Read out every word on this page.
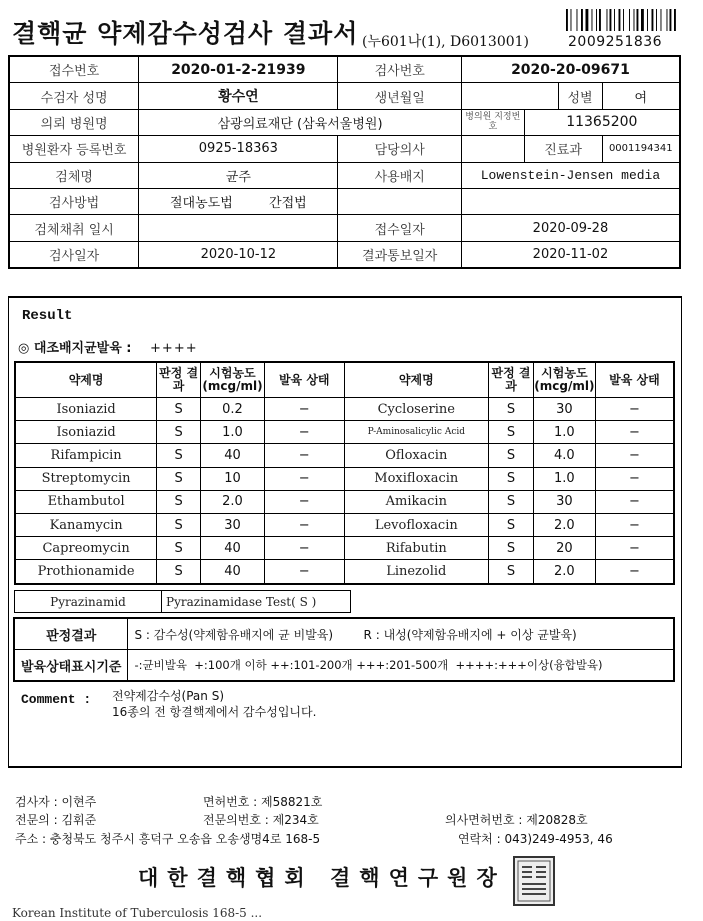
결핵균 약제감수성검사 결과서 (누601나(1), D6013001)	2009251836
접수번호	2020-01-2-21939	검사번호	2020-20-09671			
수검자 성명	황수연	생년월일			성별	여
의뢰 병원명	삼광의료재단 (삼육서울병원)		병의원 지정번호	11365200		
병원환자 등록번호	0925-18363	담당의사		진료과		0001194341
검체명	균주	사용배지	Lowenstein-Jensen media			
검사방법	절대농도법 간접법					
검체채취 일시		접수일자	2020-09-28			
검사일자	2020-10-12	결과통보일자	2020-11-02			
Result
◎ 대조배지균발육 : ++++
약제명	판정 결과	시험농도 (mcg/ml)	발육 상태	약제명	판정 결과	시험농도 (mcg/ml)	발육 상태
Isoniazid	S	0.2	−	Cycloserine	S	30	−
Isoniazid	S	1.0	−	P-Aminosalicylic Acid	S	1.0	−
Rifampicin	S	40	−	Ofloxacin	S	4.0	−
Streptomycin	S	10	−	Moxifloxacin	S	1.0	−
Ethambutol	S	2.0	−	Amikacin	S	30	−
Kanamycin	S	30	−	Levofloxacin	S	2.0	−
Capreomycin	S	40	−	Rifabutin	S	20	−
Prothionamide	S	40	−	Linezolid	S	2.0	−
Pyrazinamid	Pyrazinamidase Test( S )
판정결과	S : 감수성(약제함유배지에 균 비발육)        R : 내성(약제함유배지에 + 이상 균발육)
발육상태표시기준	-:균비발육  +:100개 이하 ++:101-200개 +++:201-500개  ++++:+++이상(융합발육)
Comment : 전약제감수성(Pan S)
16종의 전 항결핵제에서 감수성입니다.
검사자 : 이현주	면허번호 : 제58821호
전문의 : 김휘준	전문의번호 : 제234호	의사면허번호 : 제20828호
주소 : 충청북도 청주시 흥덕구 오송읍 오송생명4로 168-5	연락처 : 043)249-4953, 46
대한결핵협회 결핵연구원장
Korean Institute of Tuberculosis 168-5 ...
